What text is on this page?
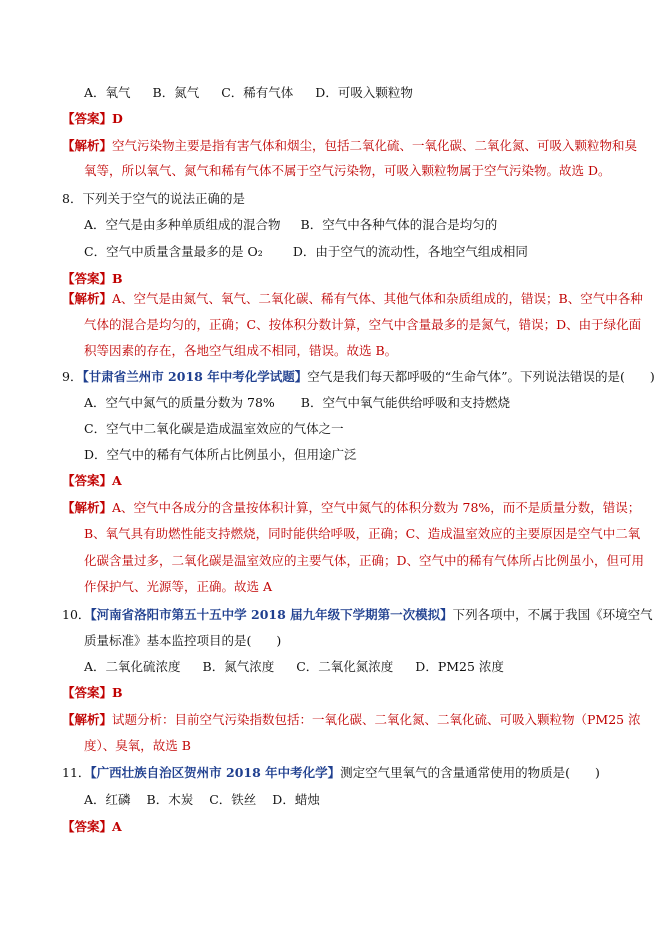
A．氧气 B．氮气 C．稀有气体 D．可吸入颗粒物
【答案】D
【解析】空气污染物主要是指有害气体和烟尘，包括二氧化硫、一氧化碳、二氧化氮、可吸入颗粒物和臭
氧等，所以氧气、氮气和稀有气体不属于空气污染物，可吸入颗粒物属于空气污染物。故选 D。
8．下列关于空气的说法正确的是
A．空气是由多种单质组成的混合物 B．空气中各种气体的混合是均匀的
C．空气中质量含量最多的是 O₂ D．由于空气的流动性，各地空气组成相同
【答案】B
【解析】A、空气是由氮气、氧气、二氧化碳、稀有气体、其他气体和杂质组成的，错误；B、空气中各种
气体的混合是均匀的，正确；C、按体积分数计算，空气中含量最多的是氮气，错误；D、由于绿化面
积等因素的存在，各地空气组成不相同，错误。故选 B。
9．【甘肃省兰州市 2018 年中考化学试题】空气是我们每天都呼吸的“生命气体”。下列说法错误的是(　　)
A．空气中氮气的质量分数为 78% B．空气中氧气能供给呼吸和支持燃烧
C．空气中二氧化碳是造成温室效应的气体之一
D．空气中的稀有气体所占比例虽小，但用途广泛
【答案】A
【解析】A、空气中各成分的含量按体积计算，空气中氮气的体积分数为 78%，而不是质量分数，错误；
B、氧气具有助燃性能支持燃烧，同时能供给呼吸，正确；C、造成温室效应的主要原因是空气中二氧
化碳含量过多，二氧化碳是温室效应的主要气体，正确；D、空气中的稀有气体所占比例虽小，但可用
作保护气、光源等，正确。故选 A
10．【河南省洛阳市第五十五中学 2018 届九年级下学期第一次模拟】下列各项中，不属于我国《环境空气
质量标准》基本监控项目的是(　　)
A．二氧化硫浓度 B．氮气浓度 C．二氧化氮浓度 D．PM25 浓度
【答案】B
【解析】试题分析：目前空气污染指数包括：一氧化碳、二氧化氮、二氧化硫、可吸入颗粒物（PM25 浓
度）、臭氧，故选 B
11．【广西壮族自治区贺州市 2018 年中考化学】测定空气里氧气的含量通常使用的物质是(　　)
A．红磷 B．木炭 C．铁丝 D．蜡烛
【答案】A
